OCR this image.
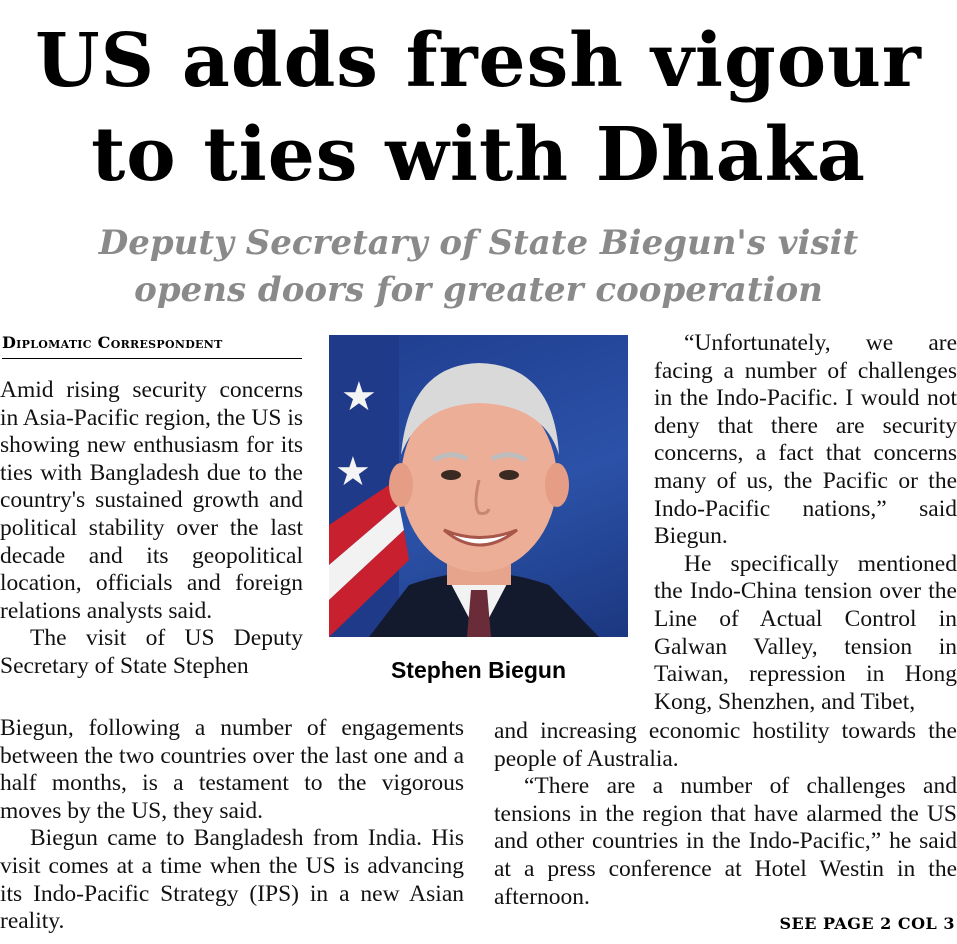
US adds fresh vigour
to ties with Dhaka
Deputy Secretary of State Biegun's visit
opens doors for greater cooperation
Diplomatic Correspondent

Amid rising security concerns in Asia-Pacific region, the US is showing new enthusiasm for its ties with Bangladesh due to the country's sustained growth and political stability over the last decade and its geopolitical location, officials and foreign relations analysts said.

The visit of US Deputy Secretary of State Stephen

Biegun, following a number of engagements between the two countries over the last one and a half months, is a testament to the vigorous moves by the US, they said.

Biegun came to Bangladesh from India. His visit comes at a time when the US is advancing its Indo-Pacific Strategy (IPS) in a new Asian reality.

★
★
Stephen Biegun

“Unfortunately, we are facing a number of challenges in the Indo-Pacific. I would not deny that there are security concerns, a fact that concerns many of us, the Pacific or the Indo-Pacific nations,” said Biegun.

He specifically mentioned the Indo-China tension over the Line of Actual Control in Galwan Valley, tension in Taiwan, repression in Hong Kong, Shenzhen, and Tibet,

and increasing economic hostility towards the people of Australia.

“There are a number of challenges and tensions in the region that have alarmed the US and other countries in the Indo-Pacific,” he said at a press conference at Hotel Westin in the afternoon.

SEE PAGE 2 COL 3
